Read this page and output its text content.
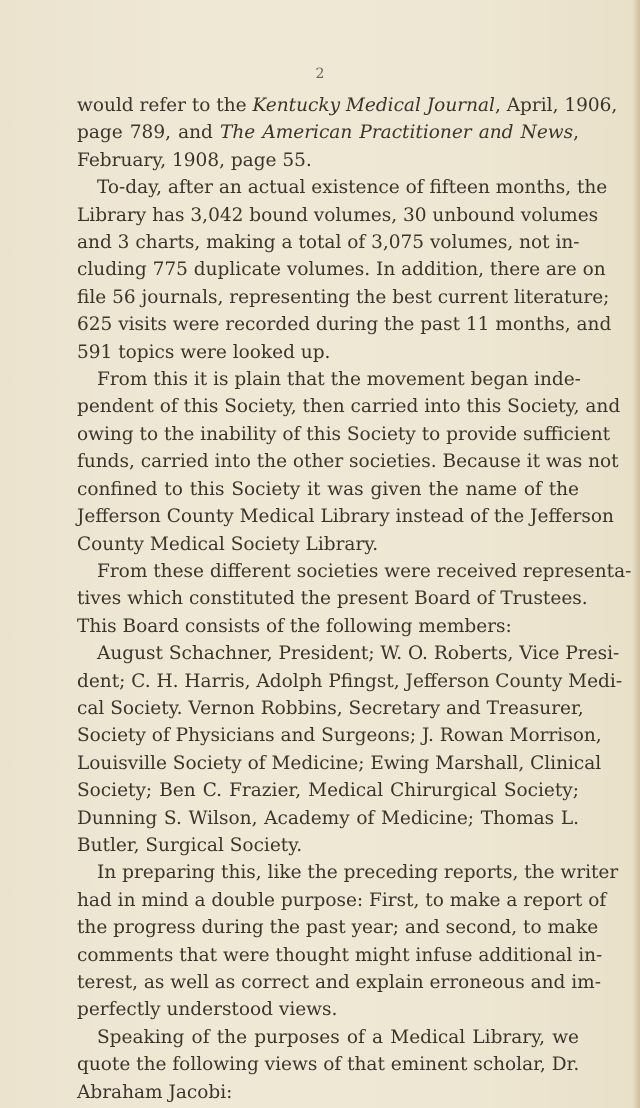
2
would refer to the Kentucky Medical Journal, April, 1906,
page 789, and The American Practitioner and News,
February, 1908, page 55.
To-day, after an actual existence of fifteen months, the
Library has 3,042 bound volumes, 30 unbound volumes
and 3 charts, making a total of 3,075 volumes, not in-
cluding 775 duplicate volumes. In addition, there are on
file 56 journals, representing the best current literature;
625 visits were recorded during the past 11 months, and
591 topics were looked up.
From this it is plain that the movement began inde-
pendent of this Society, then carried into this Society, and
owing to the inability of this Society to provide sufficient
funds, carried into the other societies. Because it was not
confined to this Society it was given the name of the
Jefferson County Medical Library instead of the Jefferson
County Medical Society Library.
From these different societies were received representa-
tives which constituted the present Board of Trustees.
This Board consists of the following members:
August Schachner, President; W. O. Roberts, Vice Presi-
dent; C. H. Harris, Adolph Pfingst, Jefferson County Medi-
cal Society. Vernon Robbins, Secretary and Treasurer,
Society of Physicians and Surgeons; J. Rowan Morrison,
Louisville Society of Medicine; Ewing Marshall, Clinical
Society; Ben C. Frazier, Medical Chirurgical Society;
Dunning S. Wilson, Academy of Medicine; Thomas L.
Butler, Surgical Society.
In preparing this, like the preceding reports, the writer
had in mind a double purpose: First, to make a report of
the progress during the past year; and second, to make
comments that were thought might infuse additional in-
terest, as well as correct and explain erroneous and im-
perfectly understood views.
Speaking of the purposes of a Medical Library, we
quote the following views of that eminent scholar, Dr.
Abraham Jacobi:
